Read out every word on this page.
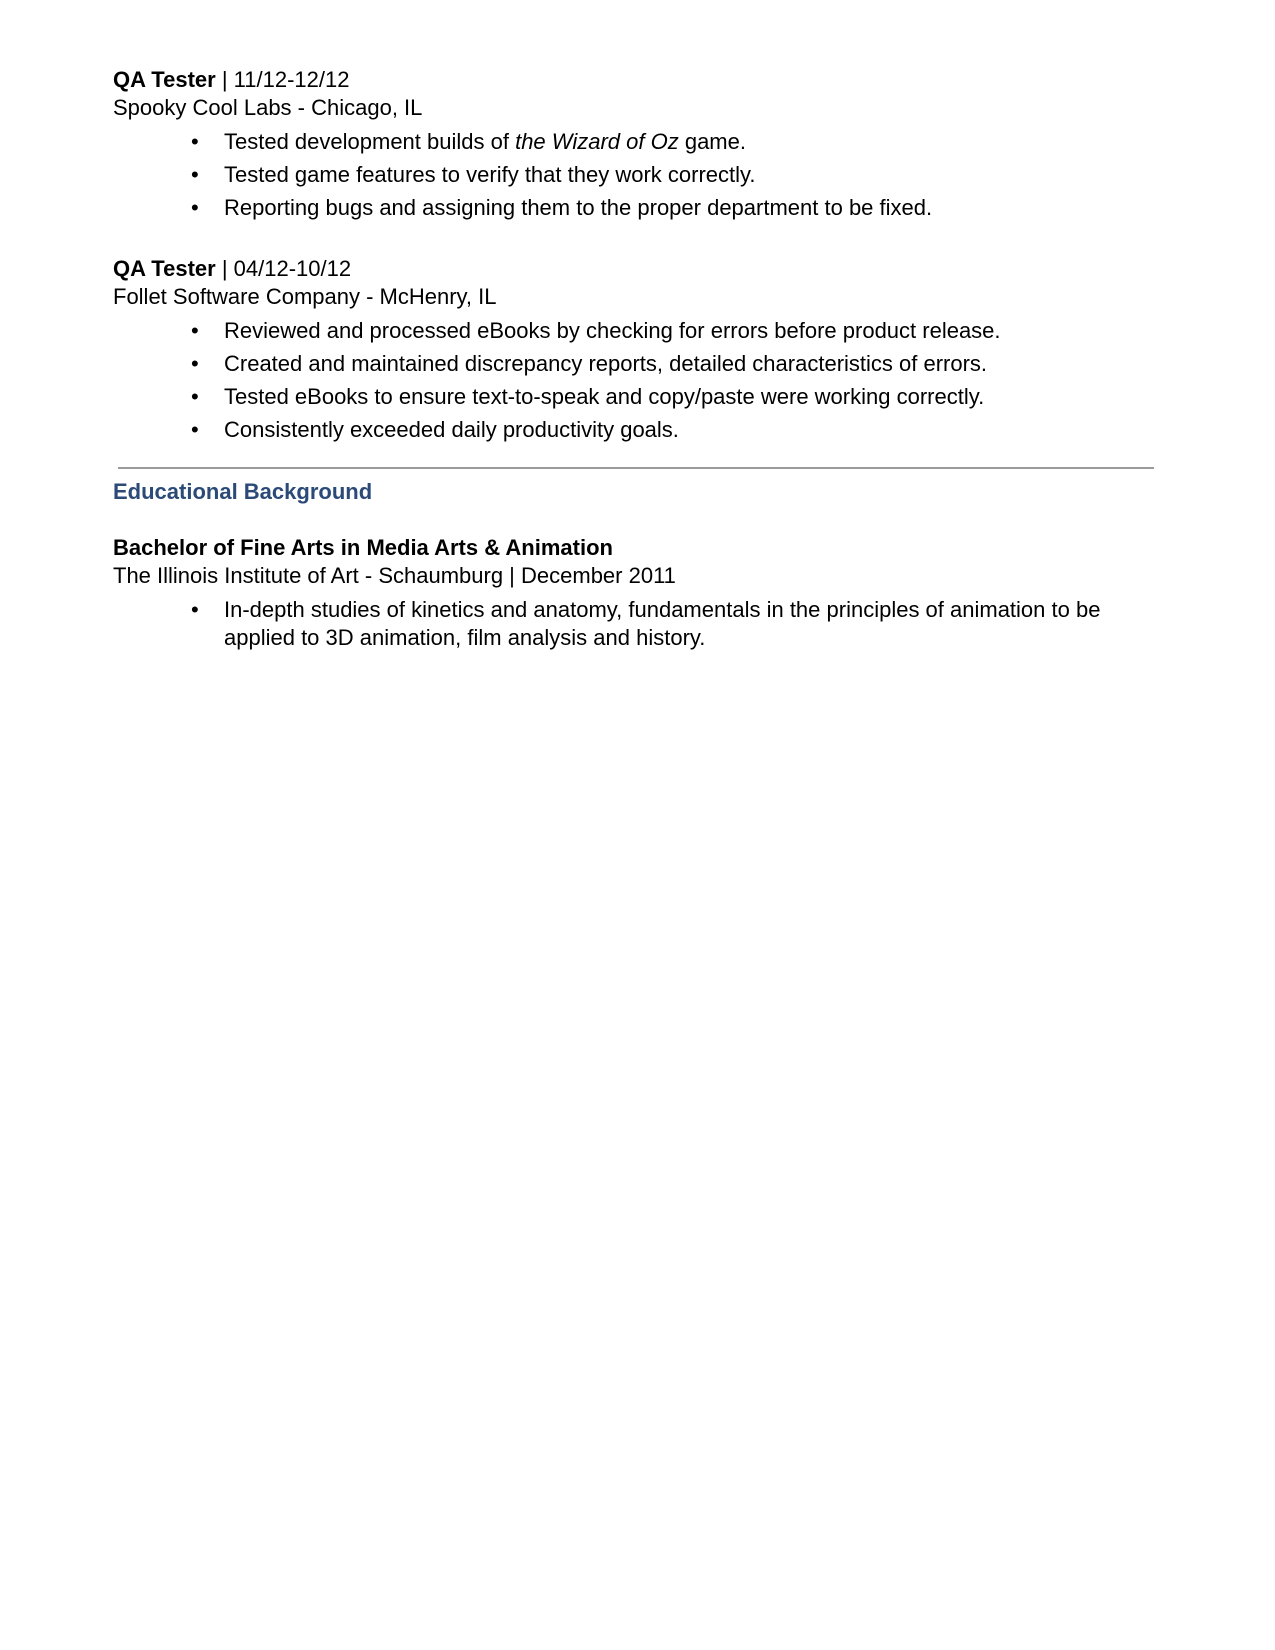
QA Tester | 11/12-12/12

Spooky Cool Labs - Chicago, IL

• Tested development builds of the Wizard of Oz game.
• Tested game features to verify that they work correctly.
• Reporting bugs and assigning them to the proper department to be fixed.

QA Tester | 04/12-10/12

Follet Software Company - McHenry, IL

• Reviewed and processed eBooks by checking for errors before product release.
• Created and maintained discrepancy reports, detailed characteristics of errors.
• Tested eBooks to ensure text-to-speak and copy/paste were working correctly.
• Consistently exceeded daily productivity goals.
Educational Background

Bachelor of Fine Arts in Media Arts & Animation

The Illinois Institute of Art - Schaumburg | December 2011

• In-depth studies of kinetics and anatomy, fundamentals in the principles of animation to be applied to 3D animation, film analysis and history.
